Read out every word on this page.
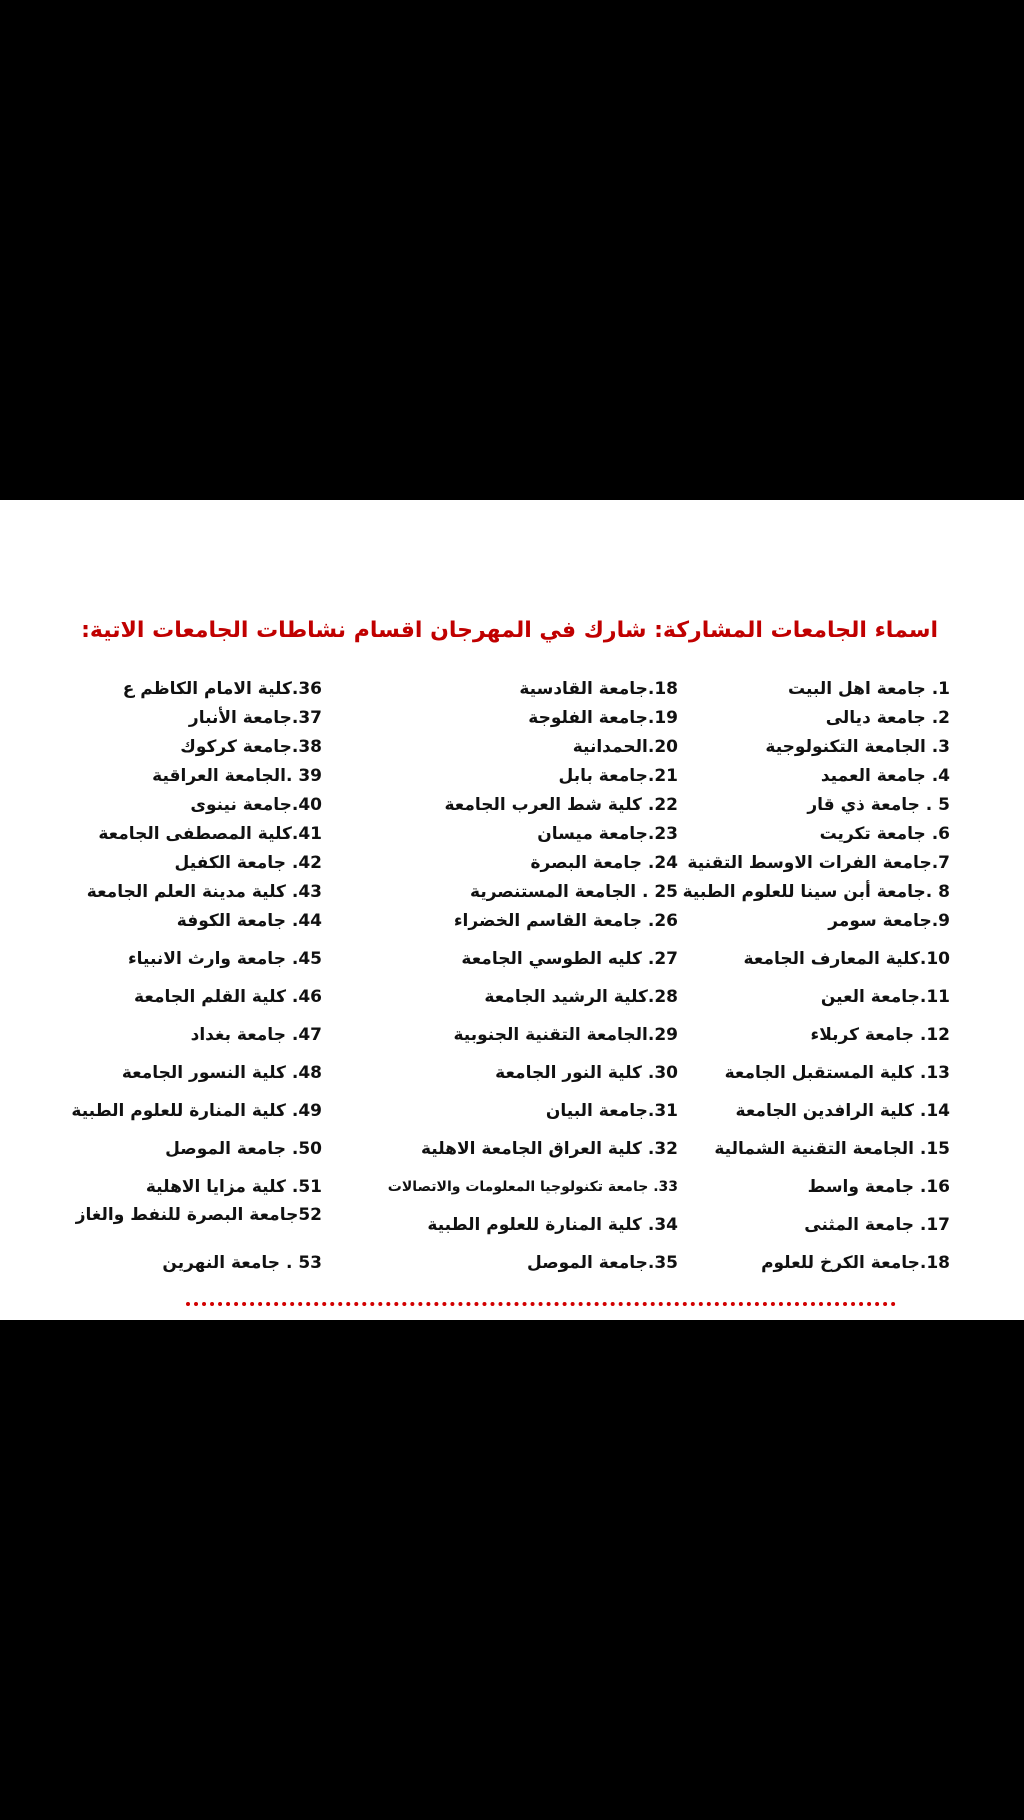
اسماء الجامعات المشاركة: شارك في المهرجان اقسام نشاطات الجامعات الاتية:
1. جامعة اهل البيت
2. جامعة ديالى
3. الجامعة التكنولوجية
4. جامعة العميد
5 . جامعة ذي قار
6. جامعة تكريت
7.جامعة الفرات الاوسط التقنية
8 .جامعة أبن سينا للعلوم الطبية
9.جامعة سومر
10.كلية المعارف الجامعة
11.جامعة العين
12. جامعة كربلاء
13. كلية المستقبل الجامعة
14. كلية الرافدين الجامعة
15. الجامعة التقنية الشمالية
16. جامعة واسط
17. جامعة المثنى
18.جامعة الكرخ للعلوم
18.جامعة القادسية
19.جامعة الفلوجة
20.الحمدانية
21.جامعة بابل
22. كلية شط العرب الجامعة
23.جامعة ميسان
24. جامعة البصرة
25 . الجامعة المستنصرية
26. جامعة القاسم الخضراء
27. كليه الطوسي الجامعة
28.كلية الرشيد الجامعة
29.الجامعة التقنية الجنوبية
30. كلية النور الجامعة
31.جامعة البيان
32. كلية العراق الجامعة الاهلية
33. جامعة تكنولوجيا المعلومات والاتصالات
34. كلية المنارة للعلوم الطبية
35.جامعة الموصل
36.كلية الامام الكاظم ع
37.جامعة الأنبار
38.جامعة كركوك
39 .الجامعة العراقية
40.جامعة نينوى
41.كلية المصطفى الجامعة
42. جامعة الكفيل
43. كلية مدينة العلم الجامعة
44. جامعة الكوفة
45. جامعة وارث الانبياء
46. كلية القلم الجامعة
47. جامعة بغداد
48. كلية النسور الجامعة
49. كلية المنارة للعلوم الطبية
50. جامعة الموصل
51. كلية مزايا الاهلية
52جامعة البصرة للنفط والغاز
53 . جامعة النهرين
